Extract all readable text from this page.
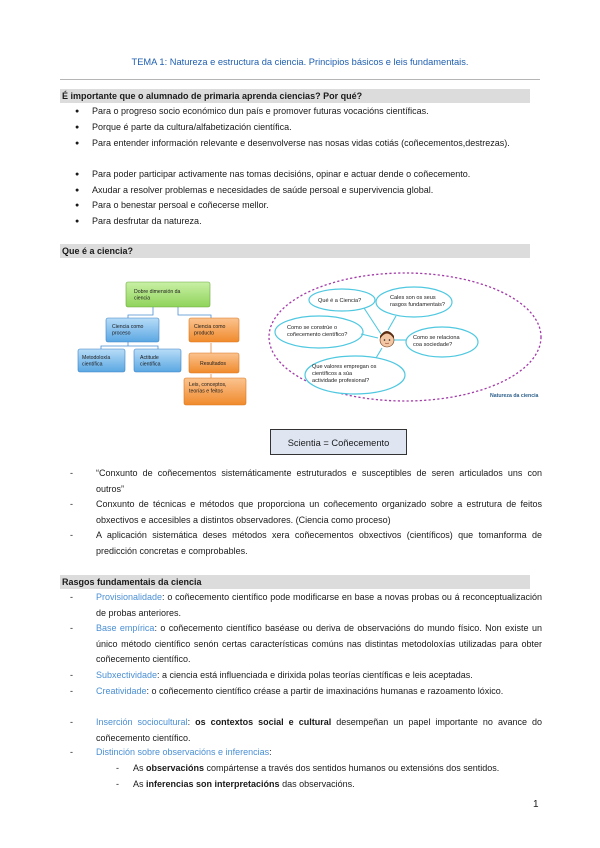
TEMA 1: Natureza e estructura da ciencia. Principios básicos e leis fundamentais.
É importante que o alumnado de primaria aprenda ciencias? Por qué?
● Para o progreso socio económico dun país e promover futuras vocacións científicas.
● Porque é parte da cultura/alfabetización científica.
● Para entender información relevante e desenvolverse nas nosas vidas cotiás (coñecementos,destrezas).
● Para poder participar activamente nas tomas decisións, opinar e actuar dende o coñecemento.
● Axudar a resolver problemas e necesidades de saúde persoal e supervivencia global.
● Para o benestar persoal e coñecerse mellor.
● Para desfrutar da natureza.
Que é a ciencia?
Dobre dimensión da ciencia
Ciencia como proceso
Ciencia como producto
Metodoloxía científica
Actitude científica	Resultados
Leis, conceptos, teorías e feitos
Qué é a Ciencia?	Cales son os seus rasgos fundamentais?
Como se constrúe o coñecemento científico?	Como se relaciona coa sociedade?
Que valores empregan os científicos a súa actividade profesional?
Natureza da ciencia
Scientia = Coñecemento
-	“Conxunto de coñecementos sistemáticamente estruturados e susceptibles de seren articulados uns con outros”
-	Conxunto de técnicas e métodos que proporciona un coñecemento organizado sobre a estrutura de feitos obxectivos e accesibles a distintos observadores. (Ciencia como proceso)
-	A aplicación sistemática deses métodos xera coñecementos obxectivos (científicos) que tomanforma de predicción concretas e comprobables.
Rasgos fundamentais da ciencia
-	Provisionalidade: o coñecemento científico pode modificarse en base a novas probas ou á reconceptualización de probas anteriores.
-	Base empírica: o coñecemento científico baséase ou deriva de observacións do mundo físico. Non existe un único método científico senón certas características comúns nas distintas metodoloxías utilizadas para obter coñecemento científico.
-	Subxectividade: a ciencia está influenciada e dirixida polas teorías científicas e leis aceptadas.
-	Creatividade: o coñecemento científico créase a partir de imaxinacións humanas e razoamento lóxico.
-	Inserción sociocultural: os contextos social e cultural desempeñan un papel importante no avance do coñecemento científico.
-	Distinción sobre observacións e inferencias:
- As observacións compártense a través dos sentidos humanos ou extensións dos sentidos.
- As inferencias son interpretacións das observacións.
1
